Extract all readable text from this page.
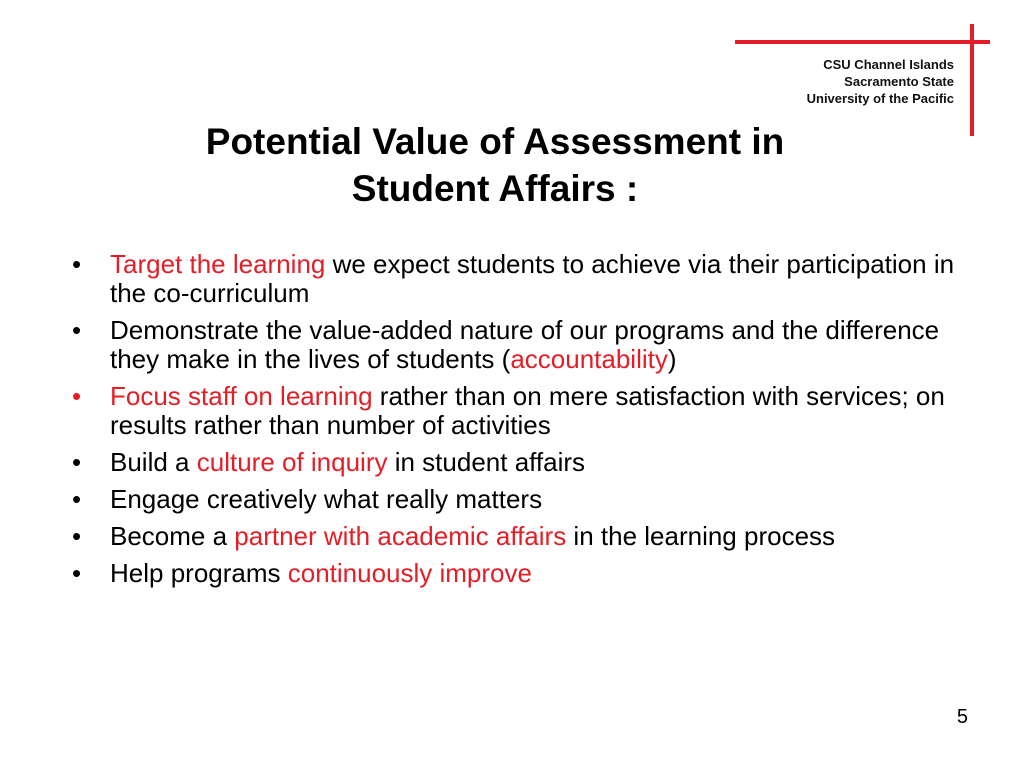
CSU Channel Islands
Sacramento State
University of the Pacific
Potential Value of Assessment in
Student Affairs :
• Target the learning we expect students to achieve via their participation in the co-curriculum
• Demonstrate the value-added nature of our programs and the difference they make in the lives of students (accountability)
• Focus staff on learning rather than on mere satisfaction with services; on results rather than number of activities
• Build a culture of inquiry in student affairs
• Engage creatively what really matters
• Become a partner with academic affairs in the learning process
• Help programs continuously improve
5
